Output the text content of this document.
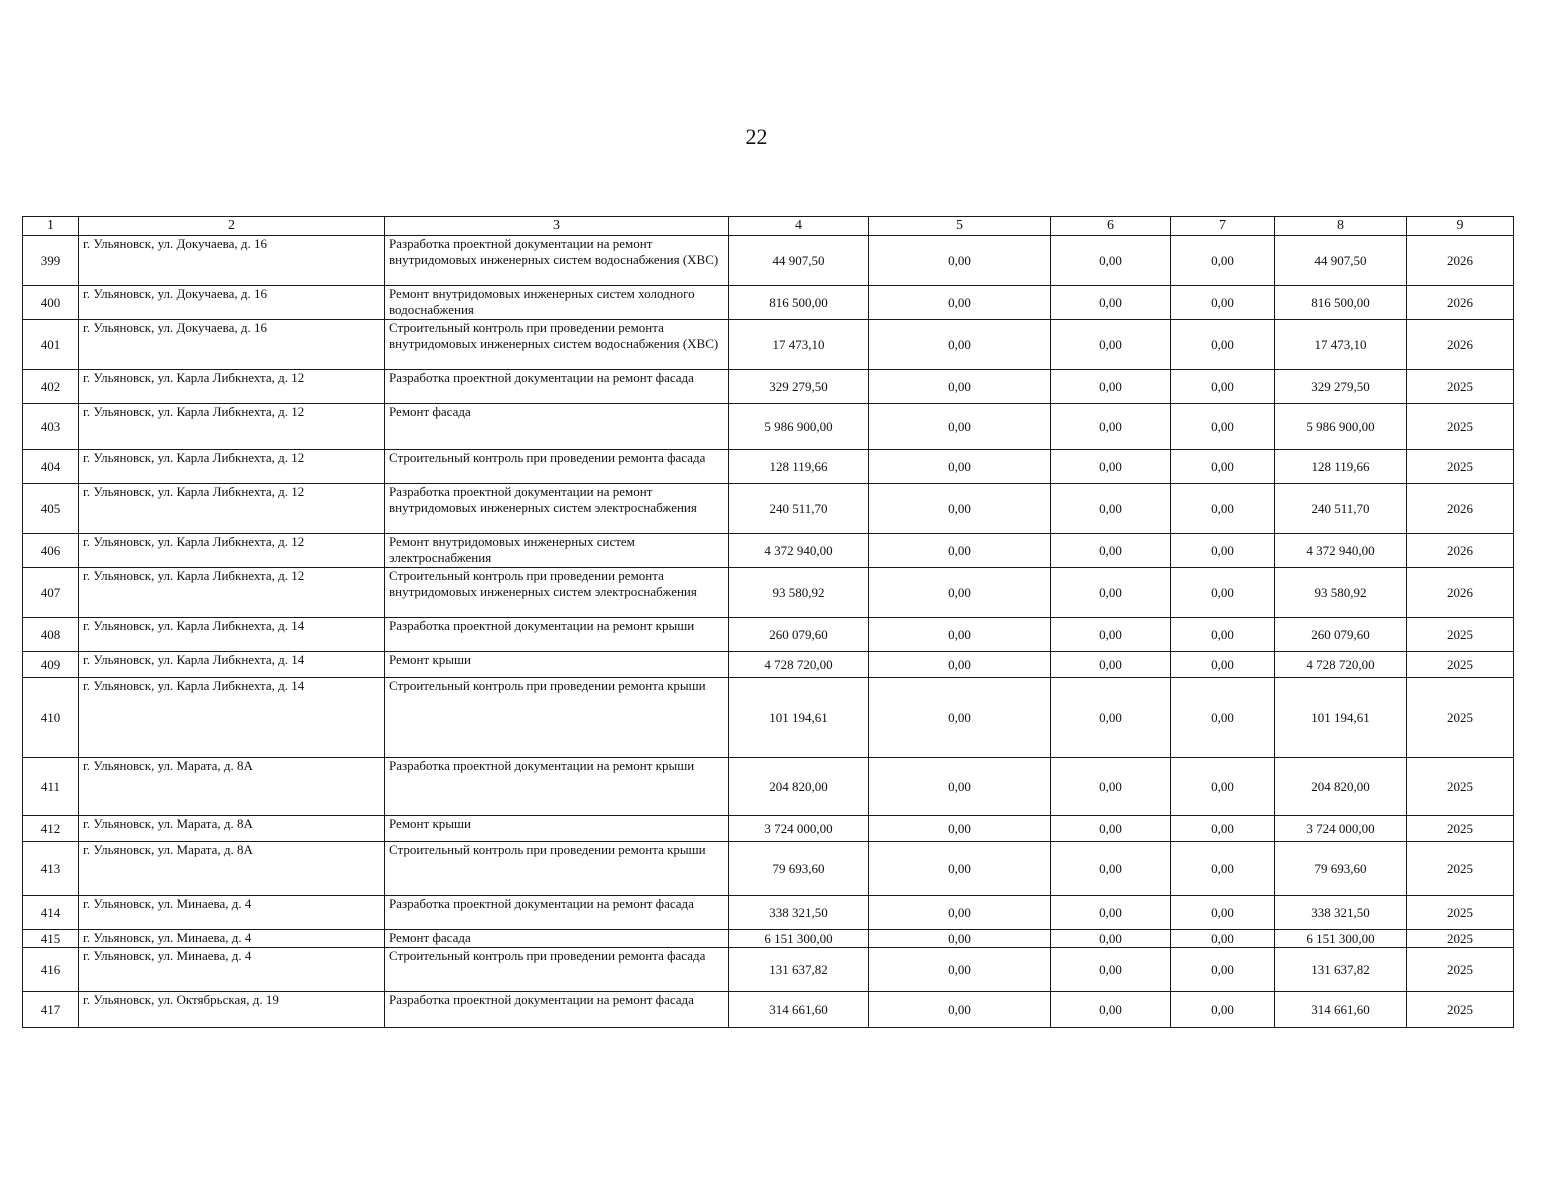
22
1	2	3	4	5	6	7	8	9
399	г. Ульяновск, ул. Докучаева, д. 16	Разработка проектной документации на ремонт внутридомовых инженерных систем водоснабжения (ХВС)	44 907,50	0,00	0,00	0,00	44 907,50	2026
400	г. Ульяновск, ул. Докучаева, д. 16	Ремонт внутридомовых инженерных систем холодного водоснабжения	816 500,00	0,00	0,00	0,00	816 500,00	2026
401	г. Ульяновск, ул. Докучаева, д. 16	Строительный контроль при проведении ремонта внутридомовых инженерных систем водоснабжения (ХВС)	17 473,10	0,00	0,00	0,00	17 473,10	2026
402	г. Ульяновск, ул. Карла Либкнехта, д. 12	Разработка проектной документации на ремонт фасада	329 279,50	0,00	0,00	0,00	329 279,50	2025
403	г. Ульяновск, ул. Карла Либкнехта, д. 12	Ремонт фасада	5 986 900,00	0,00	0,00	0,00	5 986 900,00	2025
404	г. Ульяновск, ул. Карла Либкнехта, д. 12	Строительный контроль при проведении ремонта фасада	128 119,66	0,00	0,00	0,00	128 119,66	2025
405	г. Ульяновск, ул. Карла Либкнехта, д. 12	Разработка проектной документации на ремонт внутридомовых инженерных систем электроснабжения	240 511,70	0,00	0,00	0,00	240 511,70	2026
406	г. Ульяновск, ул. Карла Либкнехта, д. 12	Ремонт внутридомовых инженерных систем электроснабжения	4 372 940,00	0,00	0,00	0,00	4 372 940,00	2026
407	г. Ульяновск, ул. Карла Либкнехта, д. 12	Строительный контроль при проведении ремонта внутридомовых инженерных систем электроснабжения	93 580,92	0,00	0,00	0,00	93 580,92	2026
408	г. Ульяновск, ул. Карла Либкнехта, д. 14	Разработка проектной документации на ремонт крыши	260 079,60	0,00	0,00	0,00	260 079,60	2025
409	г. Ульяновск, ул. Карла Либкнехта, д. 14	Ремонт крыши	4 728 720,00	0,00	0,00	0,00	4 728 720,00	2025
410	г. Ульяновск, ул. Карла Либкнехта, д. 14	Строительный контроль при проведении ремонта крыши	101 194,61	0,00	0,00	0,00	101 194,61	2025
411	г. Ульяновск, ул. Марата, д. 8А	Разработка проектной документации на ремонт крыши	204 820,00	0,00	0,00	0,00	204 820,00	2025
412	г. Ульяновск, ул. Марата, д. 8А	Ремонт крыши	3 724 000,00	0,00	0,00	0,00	3 724 000,00	2025
413	г. Ульяновск, ул. Марата, д. 8А	Строительный контроль при проведении ремонта крыши	79 693,60	0,00	0,00	0,00	79 693,60	2025
414	г. Ульяновск, ул. Минаева, д. 4	Разработка проектной документации на ремонт фасада	338 321,50	0,00	0,00	0,00	338 321,50	2025
415	г. Ульяновск, ул. Минаева, д. 4	Ремонт фасада	6 151 300,00	0,00	0,00	0,00	6 151 300,00	2025
416	г. Ульяновск, ул. Минаева, д. 4	Строительный контроль при проведении ремонта фасада	131 637,82	0,00	0,00	0,00	131 637,82	2025
417	г. Ульяновск, ул. Октябрьская, д. 19	Разработка проектной документации на ремонт фасада	314 661,60	0,00	0,00	0,00	314 661,60	2025
